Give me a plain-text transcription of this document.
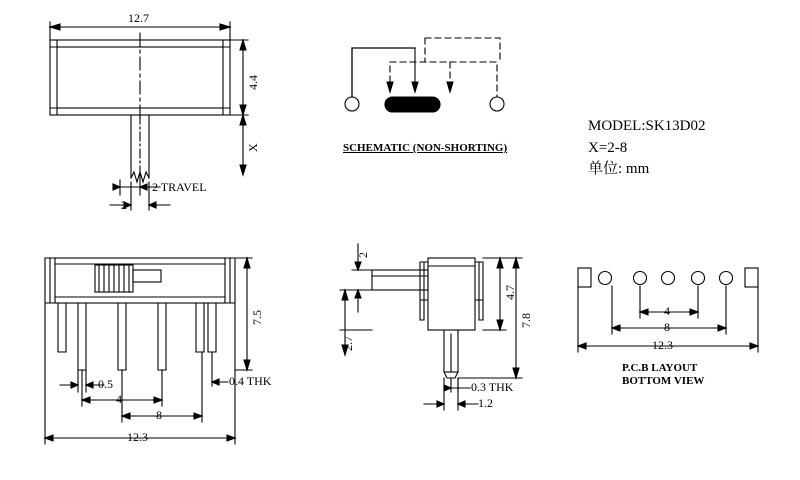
12.7
4.4
X
2 TRAVEL
2
SCHEMATIC (NON-SHORTING)
MODEL:SK13D02
X=2-8
单位: mm
7.5
0.5
4
8
12.3
0.4 THK
2
2.7
4.7
7.8
0.3 THK
1.2
4
8
12.3
P.C.B LAYOUT
BOTTOM VIEW
